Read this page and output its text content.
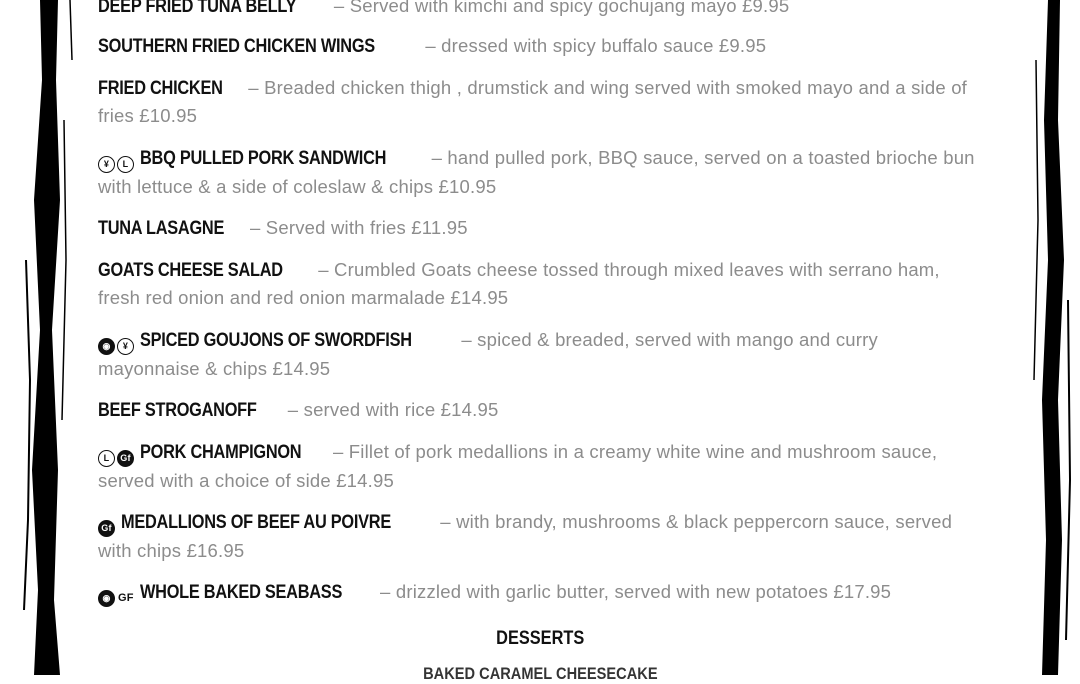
DEEP FRIED TUNA BELLY – Served with kimchi and spicy gochujang mayo £9.95
SOUTHERN FRIED CHICKEN WINGS – dressed with spicy buffalo sauce £9.95
FRIED CHICKEN – Breaded chicken thigh , drumstick and wing served with smoked mayo and a side of fries £10.95
¥	L BBQ PULLED PORK SANDWICH – hand pulled pork, BBQ sauce, served on a toasted brioche bun with lettuce & a side of coleslaw & chips £10.95
TUNA LASAGNE – Served with fries £11.95
GOATS CHEESE SALAD – Crumbled Goats cheese tossed through mixed leaves with serrano ham, fresh red onion and red onion marmalade £14.95
◉	¥ SPICED GOUJONS OF SWORDFISH – spiced & breaded, served with mango and curry mayonnaise & chips £14.95
BEEF STROGANOFF – served with rice £14.95
L	Gf PORK CHAMPIGNON – Fillet of pork medallions in a creamy white wine and mushroom sauce, served with a choice of side £14.95
Gf MEDALLIONS OF BEEF AU POIVRE – with brandy, mushrooms & black peppercorn sauce, served with chips £16.95
◉ GF WHOLE BAKED SEABASS – drizzled with garlic butter, served with new potatoes £17.95
DESSERTS
BAKED CARAMEL CHEESECAKE
